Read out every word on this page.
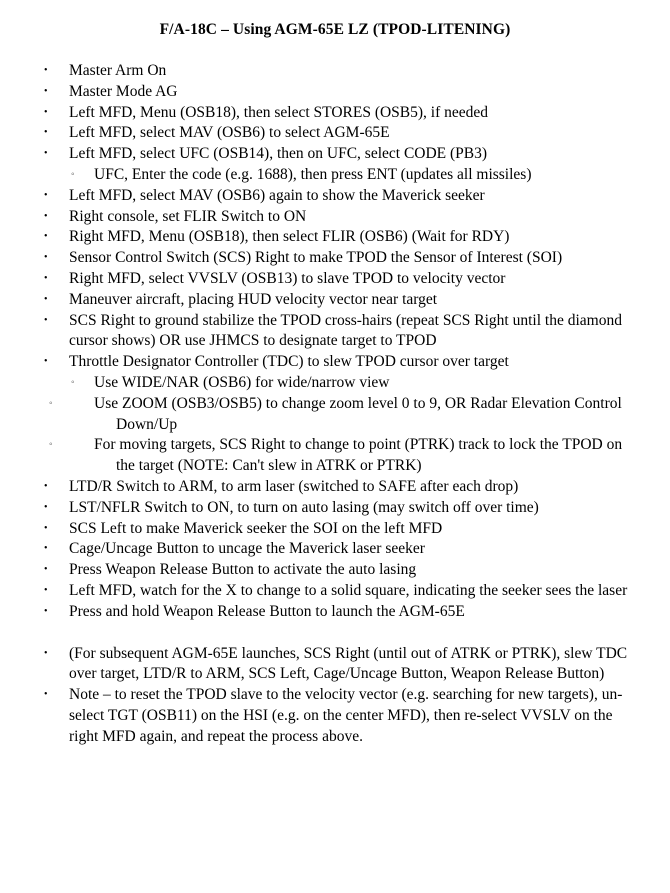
F/A-18C – Using AGM-65E LZ (TPOD-LITENING)
• Master Arm On
• Master Mode AG
• Left MFD, Menu (OSB18), then select STORES (OSB5), if needed
• Left MFD, select MAV (OSB6) to select AGM-65E
• Left MFD, select UFC (OSB14), then on UFC, select CODE (PB3)
◦ UFC, Enter the code (e.g. 1688), then press ENT (updates all missiles)
• Left MFD, select MAV (OSB6) again to show the Maverick seeker
• Right console, set FLIR Switch to ON
• Right MFD, Menu (OSB18), then select FLIR (OSB6) (Wait for RDY)
• Sensor Control Switch (SCS) Right to make TPOD the Sensor of Interest (SOI)
• Right MFD, select VVSLV (OSB13) to slave TPOD to velocity vector
• Maneuver aircraft, placing HUD velocity vector near target
• SCS Right to ground stabilize the TPOD cross-hairs (repeat SCS Right until the diamond cursor shows) OR use JHMCS to designate target to TPOD
• Throttle Designator Controller (TDC) to slew TPOD cursor over target
◦ Use WIDE/NAR (OSB6) for wide/narrow view
◦	Use ZOOM (OSB3/OSB5) to change zoom level 0 to 9, OR Radar Elevation Control Down/Up
◦	For moving targets, SCS Right to change to point (PTRK) track to lock the TPOD on the target (NOTE: Can't slew in ATRK or PTRK)
• LTD/R Switch to ARM, to arm laser (switched to SAFE after each drop)
• LST/NFLR Switch to ON, to turn on auto lasing (may switch off over time)
• SCS Left to make Maverick seeker the SOI on the left MFD
• Cage/Uncage Button to uncage the Maverick laser seeker
• Press Weapon Release Button to activate the auto lasing
• Left MFD, watch for the X to change to a solid square, indicating the seeker sees the laser
• Press and hold Weapon Release Button to launch the AGM-65E
• (For subsequent AGM-65E launches, SCS Right (until out of ATRK or PTRK), slew TDC over target, LTD/R to ARM, SCS Left, Cage/Uncage Button, Weapon Release Button)
• Note – to reset the TPOD slave to the velocity vector (e.g. searching for new targets), un-select TGT (OSB11) on the HSI (e.g. on the center MFD), then re-select VVSLV on the right MFD again, and repeat the process above.
